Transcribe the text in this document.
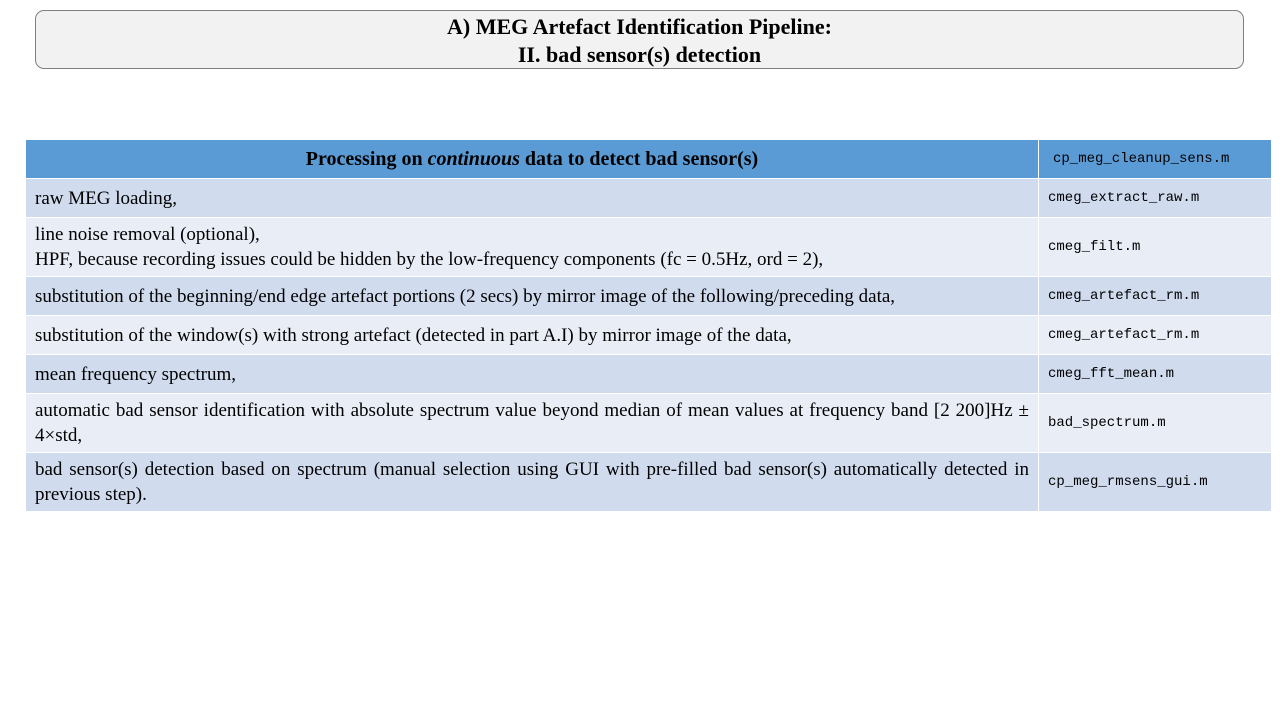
A) MEG Artefact Identification Pipeline:
II. bad sensor(s) detection
Processing on continuous data to detect bad sensor(s)	cp_meg_cleanup_sens.m

raw MEG loading,	cmeg_extract_raw.m

line noise removal (optional),
HPF, because recording issues could be hidden by the low-frequency components (fc = 0.5Hz, ord = 2),	cmeg_filt.m

substitution of the beginning/end edge artefact portions (2 secs) by mirror image of the following/preceding data,	cmeg_artefact_rm.m

substitution of the window(s) with strong artefact (detected in part A.I) by mirror image of the data,	cmeg_artefact_rm.m

mean frequency spectrum,	cmeg_fft_mean.m

automatic bad sensor identification with absolute spectrum value beyond median of mean values at frequency band [2 200]Hz ± 4×std,	bad_spectrum.m

bad sensor(s) detection based on spectrum (manual selection using GUI with pre-filled bad sensor(s) automatically detected in previous step).	cp_meg_rmsens_gui.m
